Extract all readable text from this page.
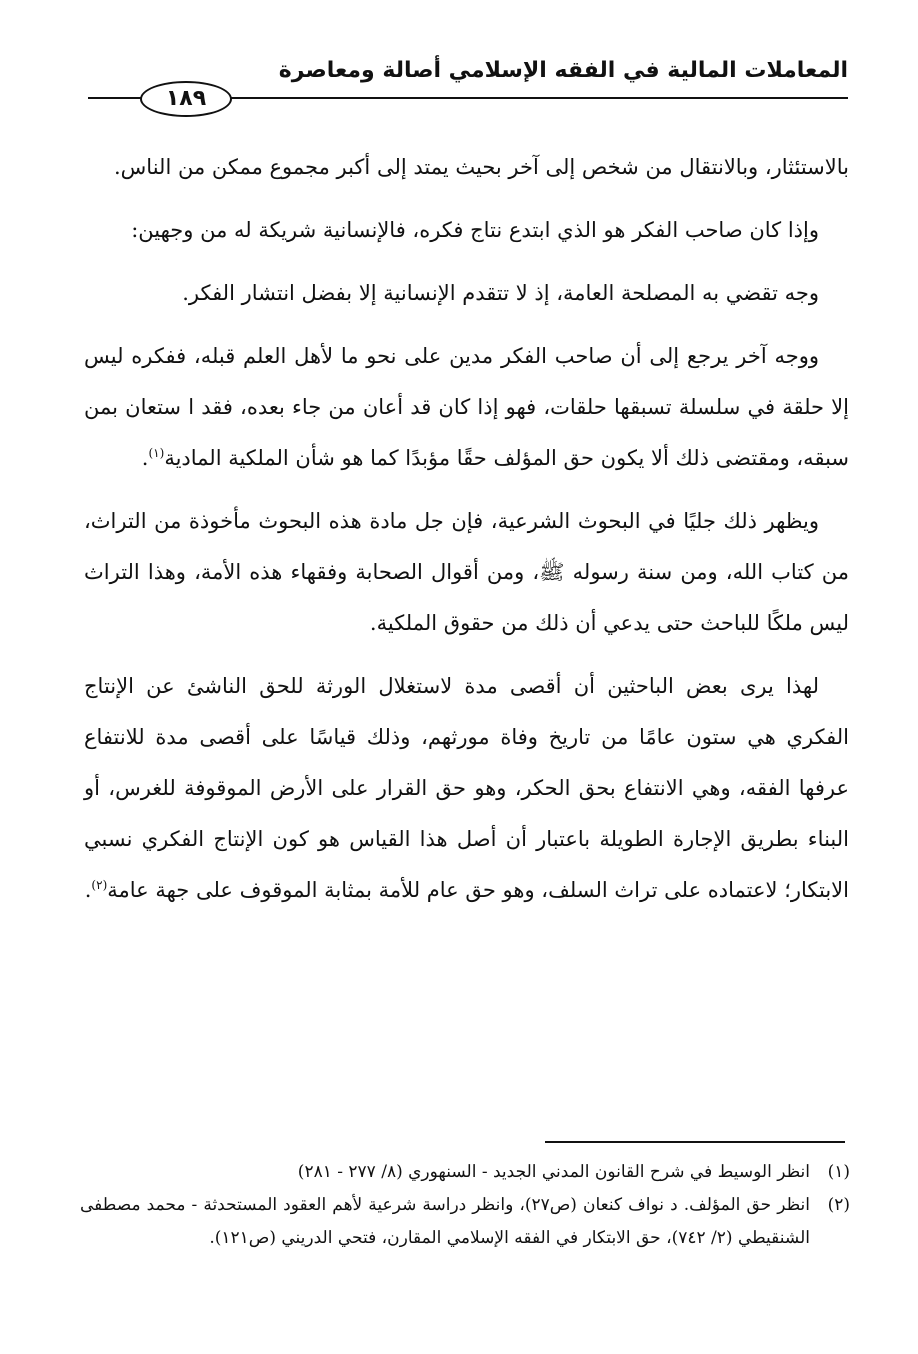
المعاملات المالية في الفقه الإسلامي أصالة ومعاصرة
١٨٩

بالاستئثار، وبالانتقال من شخص إلى آخر بحيث يمتد إلى أكبر مجموع ممكن من الناس.

وإذا كان صاحب الفكر هو الذي ابتدع نتاج فكره، فالإنسانية شريكة له من وجهين:

وجه تقضي به المصلحة العامة، إذ لا تتقدم الإنسانية إلا بفضل انتشار الفكر.

ووجه آخر يرجع إلى أن صاحب الفكر مدين على نحو ما لأهل العلم قبله، ففكره ليس إلا حلقة في سلسلة تسبقها حلقات، فهو إذا كان قد أعان من جاء بعده، فقد ا ستعان بمن سبقه، ومقتضى ذلك ألا يكون حق المؤلف حقًا مؤبدًا كما هو شأن الملكية المادية$^{(١)}$.

ويظهر ذلك جليًا في البحوث الشرعية، فإن جل مادة هذه البحوث مأخوذة من التراث، من كتاب الله، ومن سنة رسوله ﷺ، ومن أقوال الصحابة وفقهاء هذه الأمة، وهذا التراث ليس ملكًا للباحث حتى يدعي أن ذلك من حقوق الملكية.

لهذا يرى بعض الباحثين أن أقصى مدة لاستغلال الورثة للحق الناشئ عن الإنتاج الفكري هي ستون عامًا من تاريخ وفاة مورثهم، وذلك قياسًا على أقصى مدة للانتفاع عرفها الفقه، وهي الانتفاع بحق الحكر، وهو حق القرار على الأرض الموقوفة للغرس، أو البناء بطريق الإجارة الطويلة باعتبار أن أصل هذا القياس هو كون الإنتاج الفكري نسبي الابتكار؛ لاعتماده على تراث السلف، وهو حق عام للأمة بمثابة الموقوف على جهة عامة$^{(٢)}$.

(١)
انظر الوسيط في شرح القانون المدني الجديد - السنهوري (٨/ ٢٧٧ - ٢٨١)
(٢)
انظر حق المؤلف. د نواف كنعان (ص٢٧)، وانظر دراسة شرعية لأهم العقود المستحدثة - محمد مصطفى الشنقيطي (٢/ ٧٤٢)، حق الابتكار في الفقه الإسلامي المقارن، فتحي الدريني (ص١٢١).
